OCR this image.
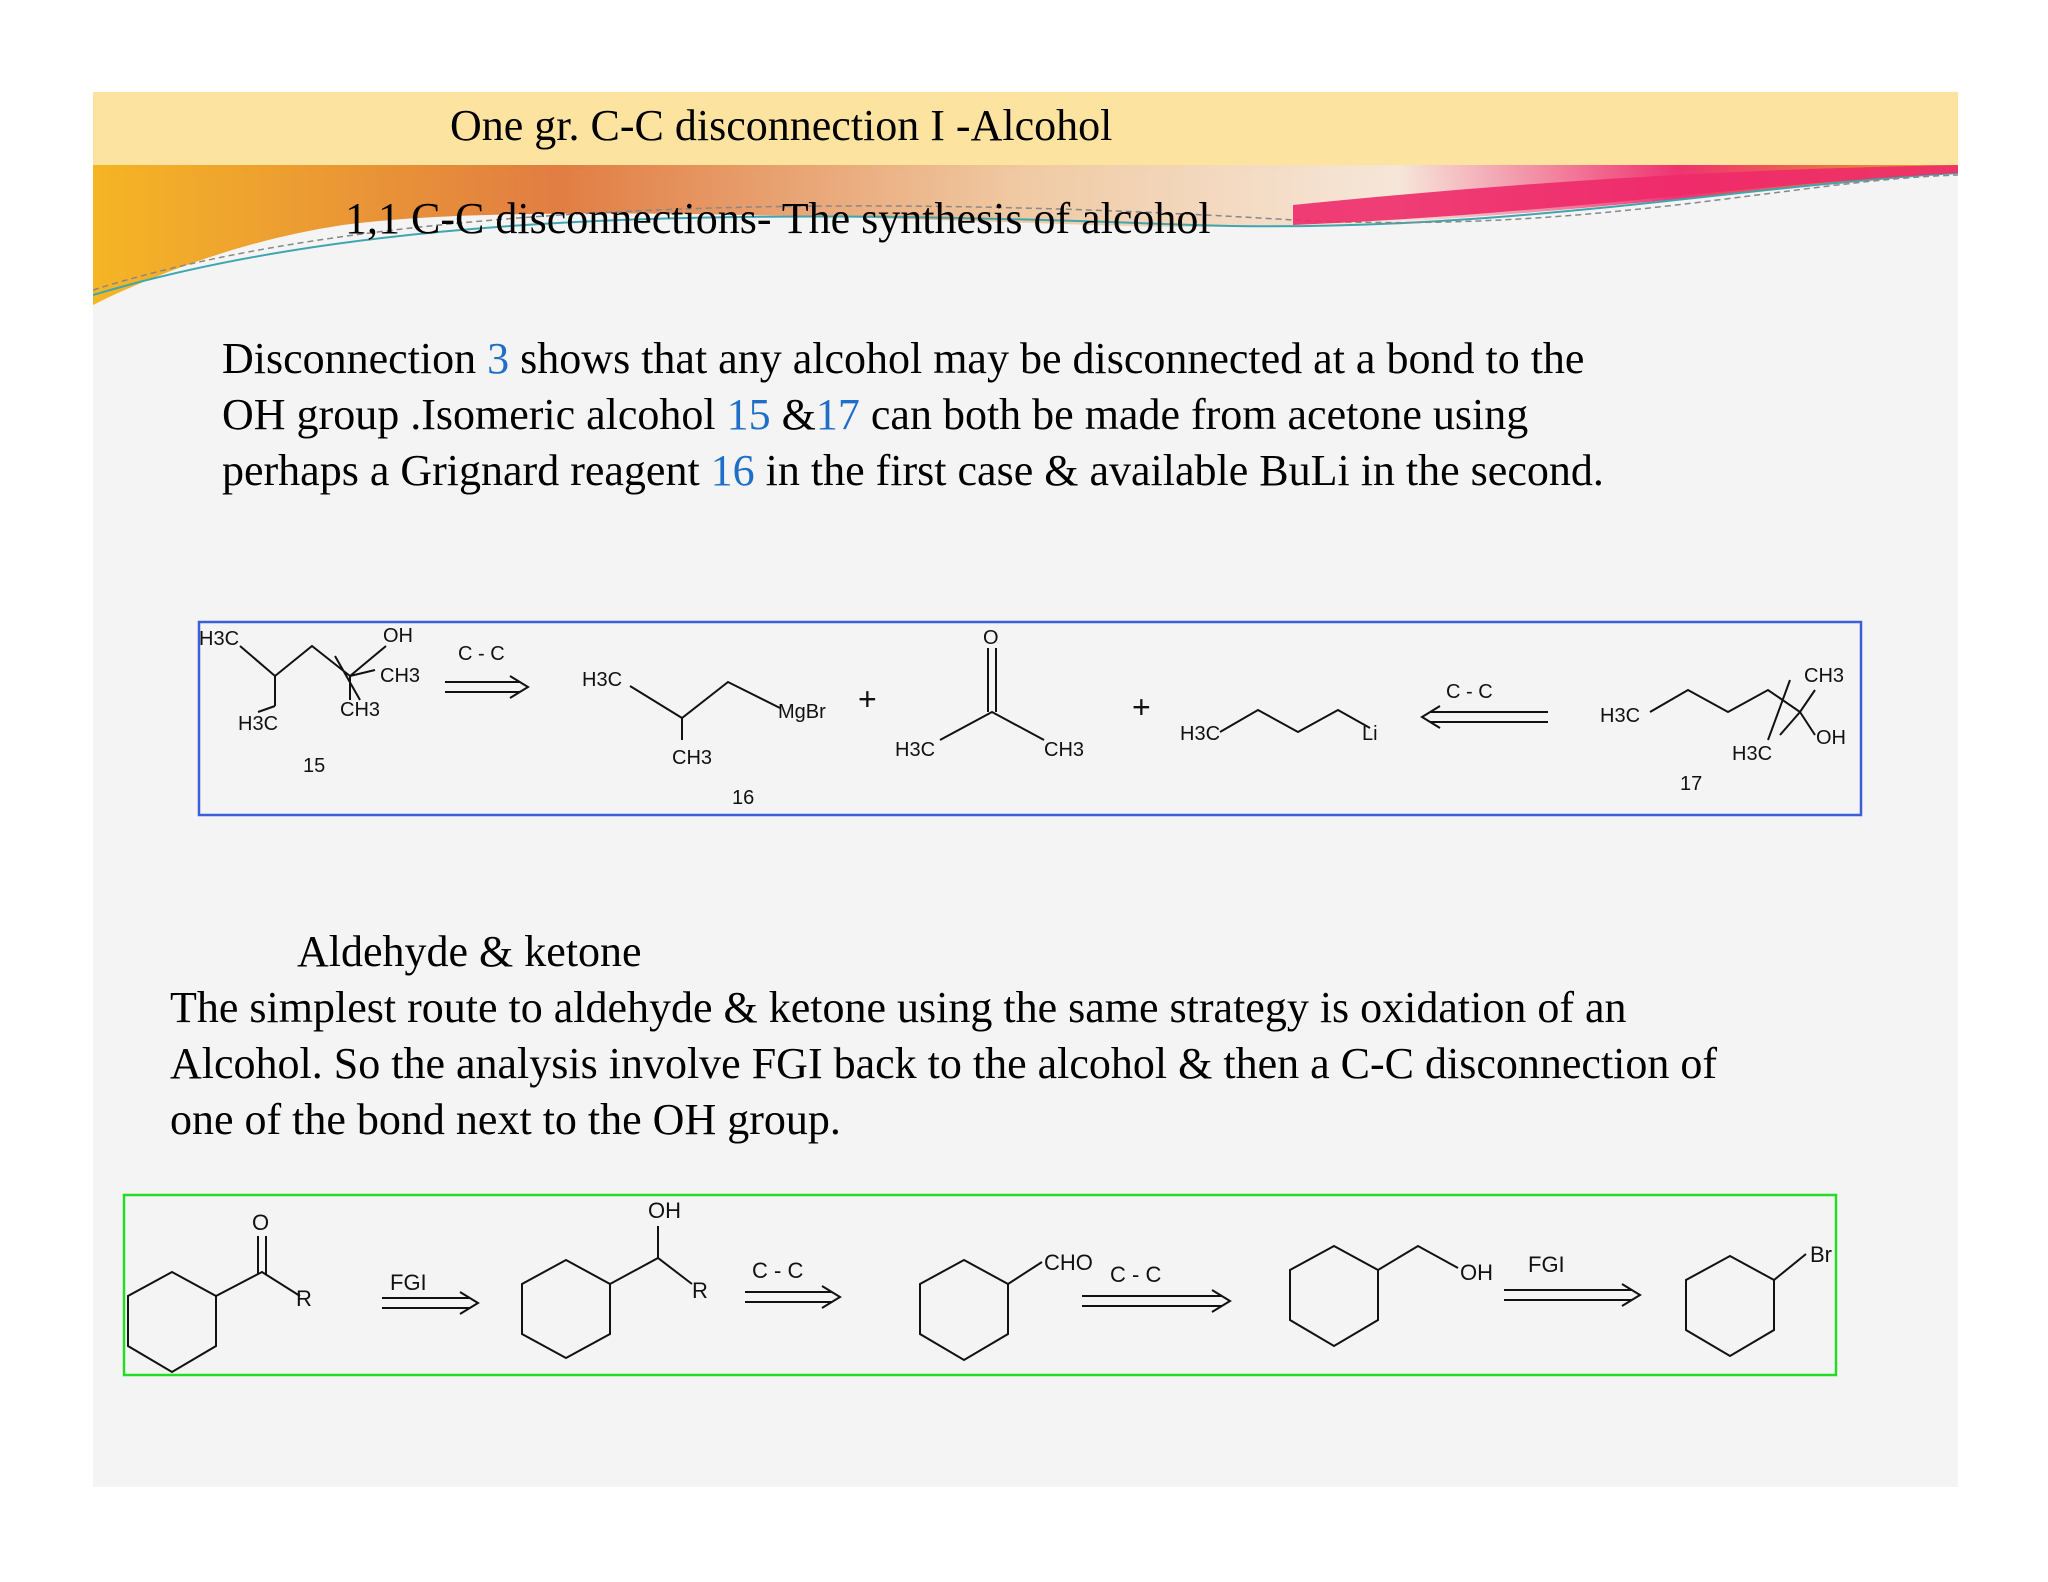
One gr. C-C disconnection I -Alcohol
1,1 C-C disconnections- The synthesis of alcohol
Disconnection 3 shows that any alcohol may be disconnected at a bond to the
OH group .Isomeric alcohol 15 &17 can both be made from acetone using
perhaps a Grignard reagent 16 in the first case & available BuLi in the second.
H3C	OH
CH3
CH3
H3C
15
C - C
H3C
CH3
MgBr
16
+
O
H3C	CH3
+
H3C	Li
C - C
H3C
CH3
OH
H3C
17
Aldehyde & ketone
The simplest route to aldehyde & ketone using the same strategy is oxidation of an
Alcohol. So the analysis involve FGI back to the alcohol & then a C-C disconnection of
one of the bond next to the OH group.
O
R
FGI
OH
R
C - C	CHO C - C	OH FGI	Br
